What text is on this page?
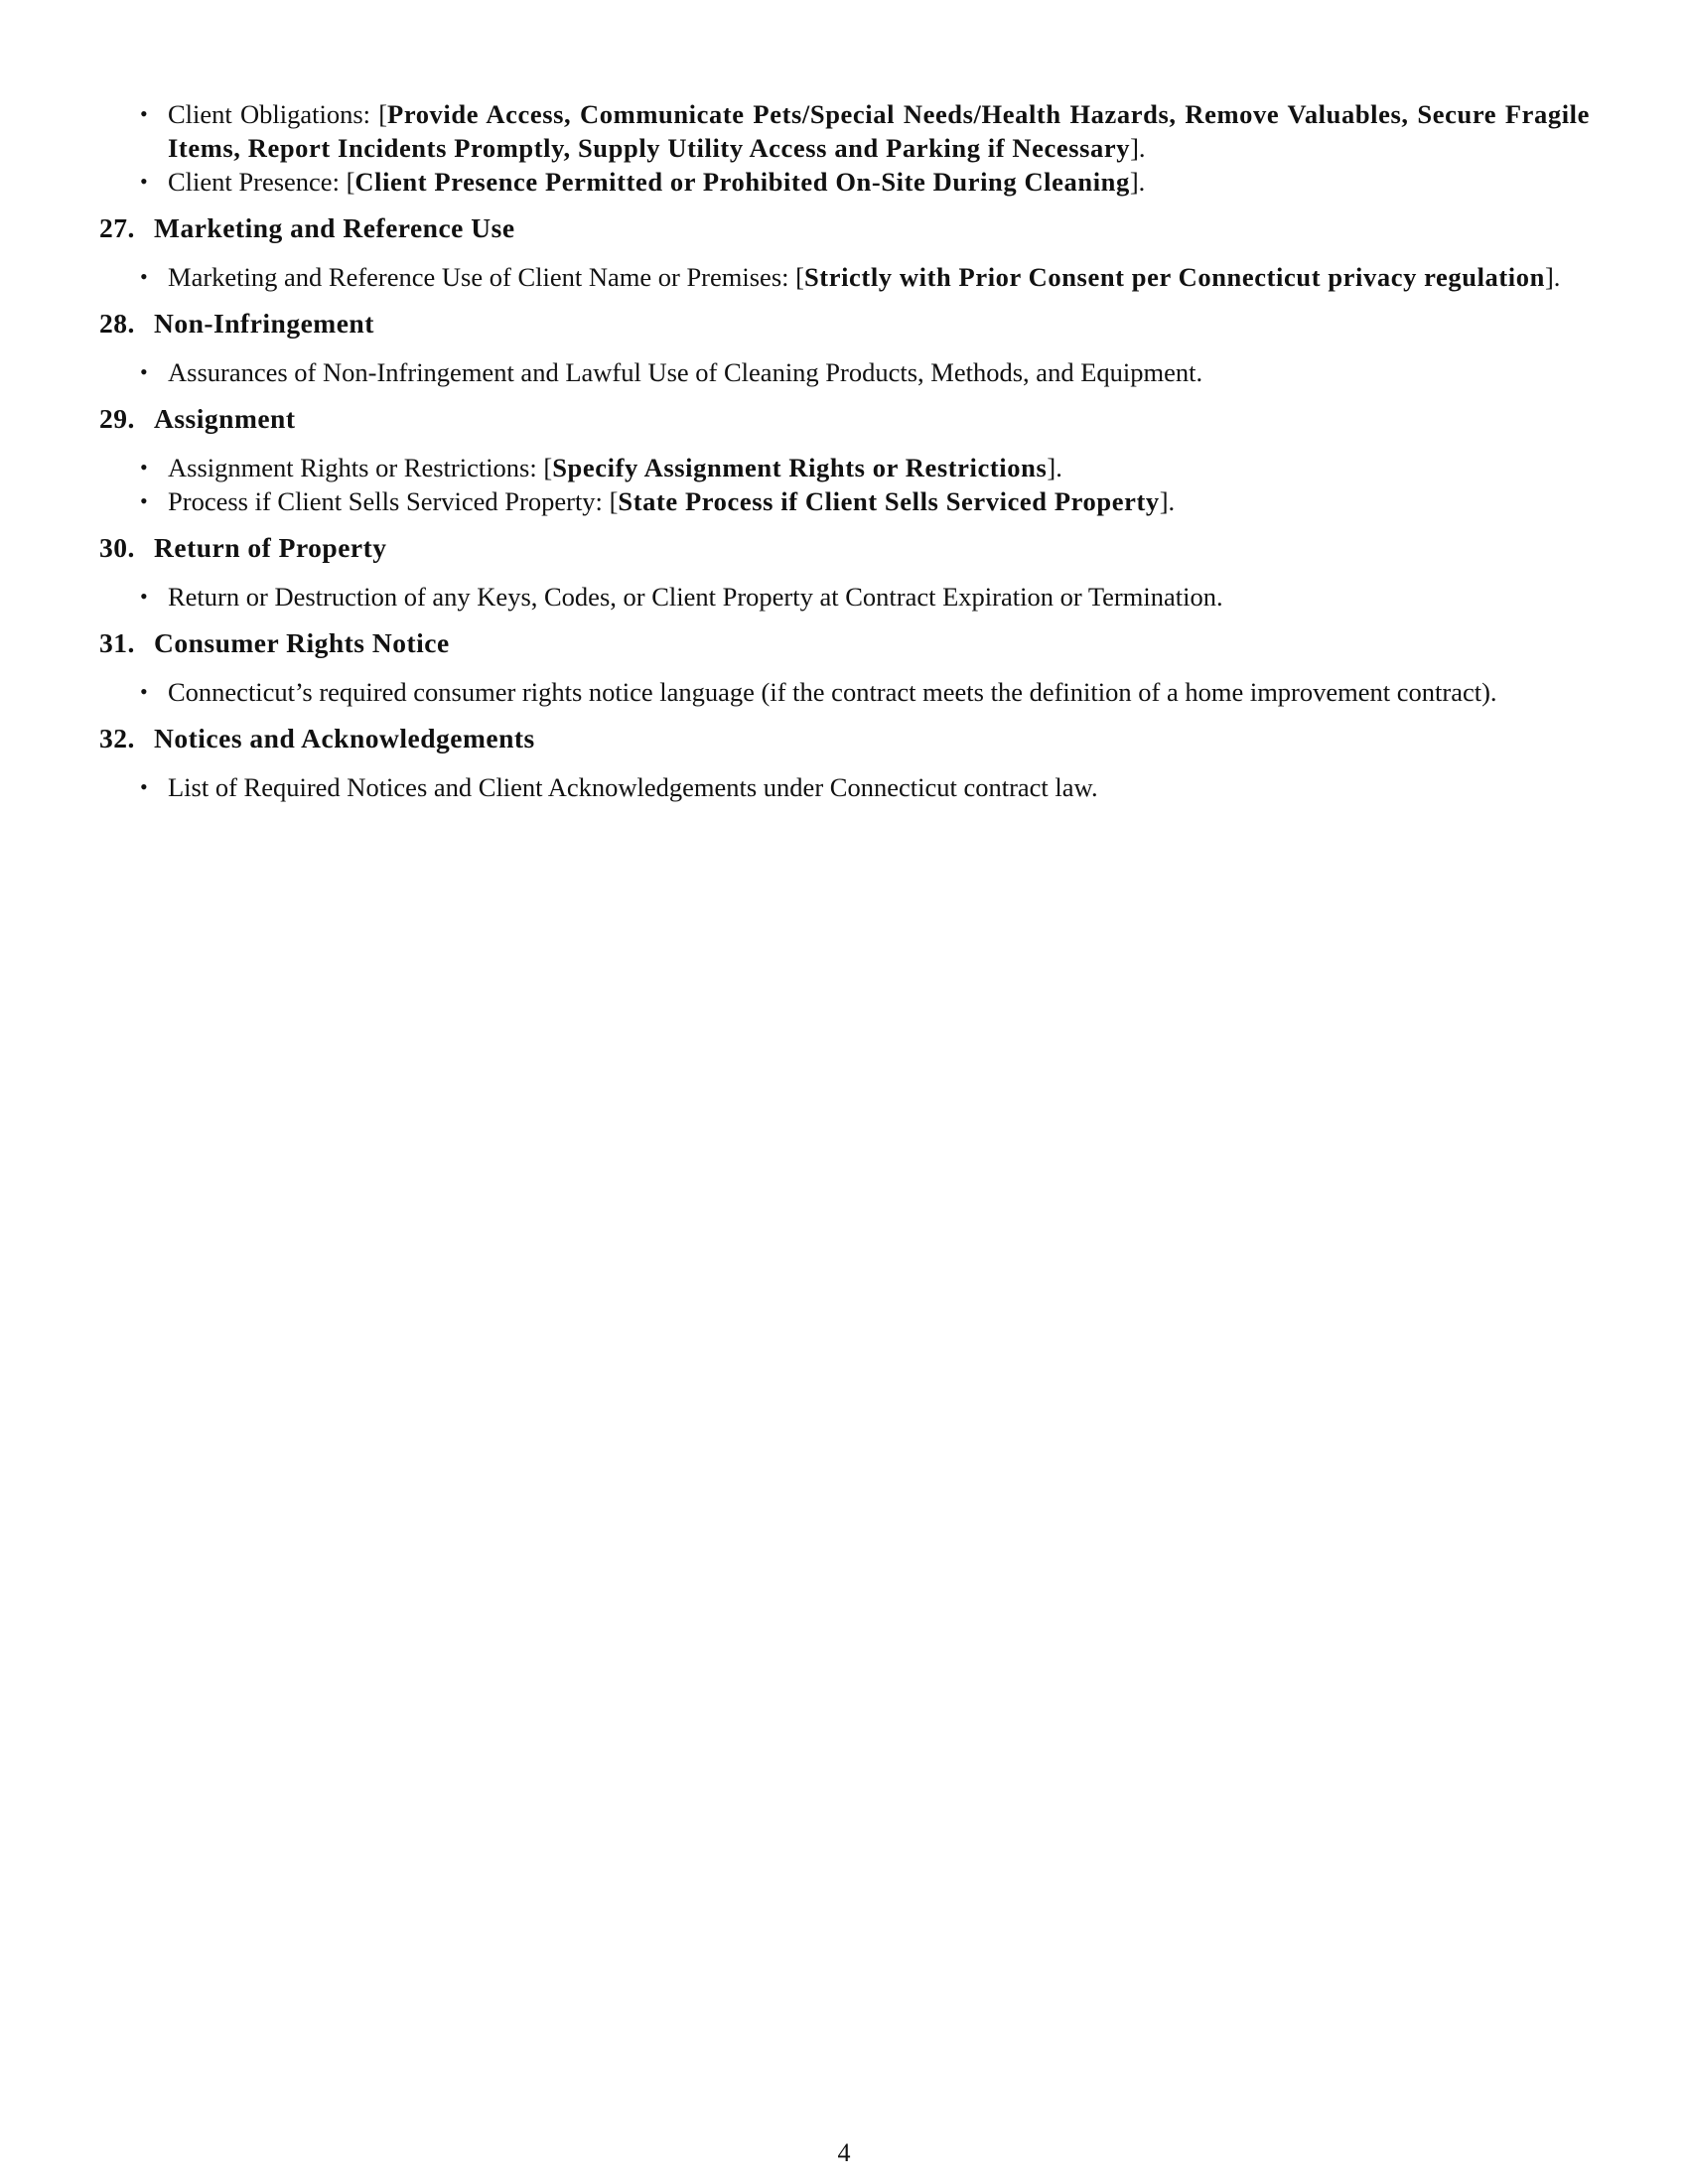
• Client Obligations: [Provide Access, Communicate Pets/Special Needs/Health Hazards, Remove Valuables, Secure Fragile Items, Report Incidents Promptly, Supply Utility Access and Parking if Necessary].
• Client Presence: [Client Presence Permitted or Prohibited On-Site During Cleaning].
27. Marketing and Reference Use
• Marketing and Reference Use of Client Name or Premises: [Strictly with Prior Consent per Connecticut privacy regulation].
28. Non-Infringement
• Assurances of Non-Infringement and Lawful Use of Cleaning Products, Methods, and Equipment.
29. Assignment
• Assignment Rights or Restrictions: [Specify Assignment Rights or Restrictions].
• Process if Client Sells Serviced Property: [State Process if Client Sells Serviced Property].
30. Return of Property
• Return or Destruction of any Keys, Codes, or Client Property at Contract Expiration or Termination.
31. Consumer Rights Notice
• Connecticut’s required consumer rights notice language (if the contract meets the definition of a home improvement contract).
32. Notices and Acknowledgements
• List of Required Notices and Client Acknowledgements under Connecticut contract law.
4
